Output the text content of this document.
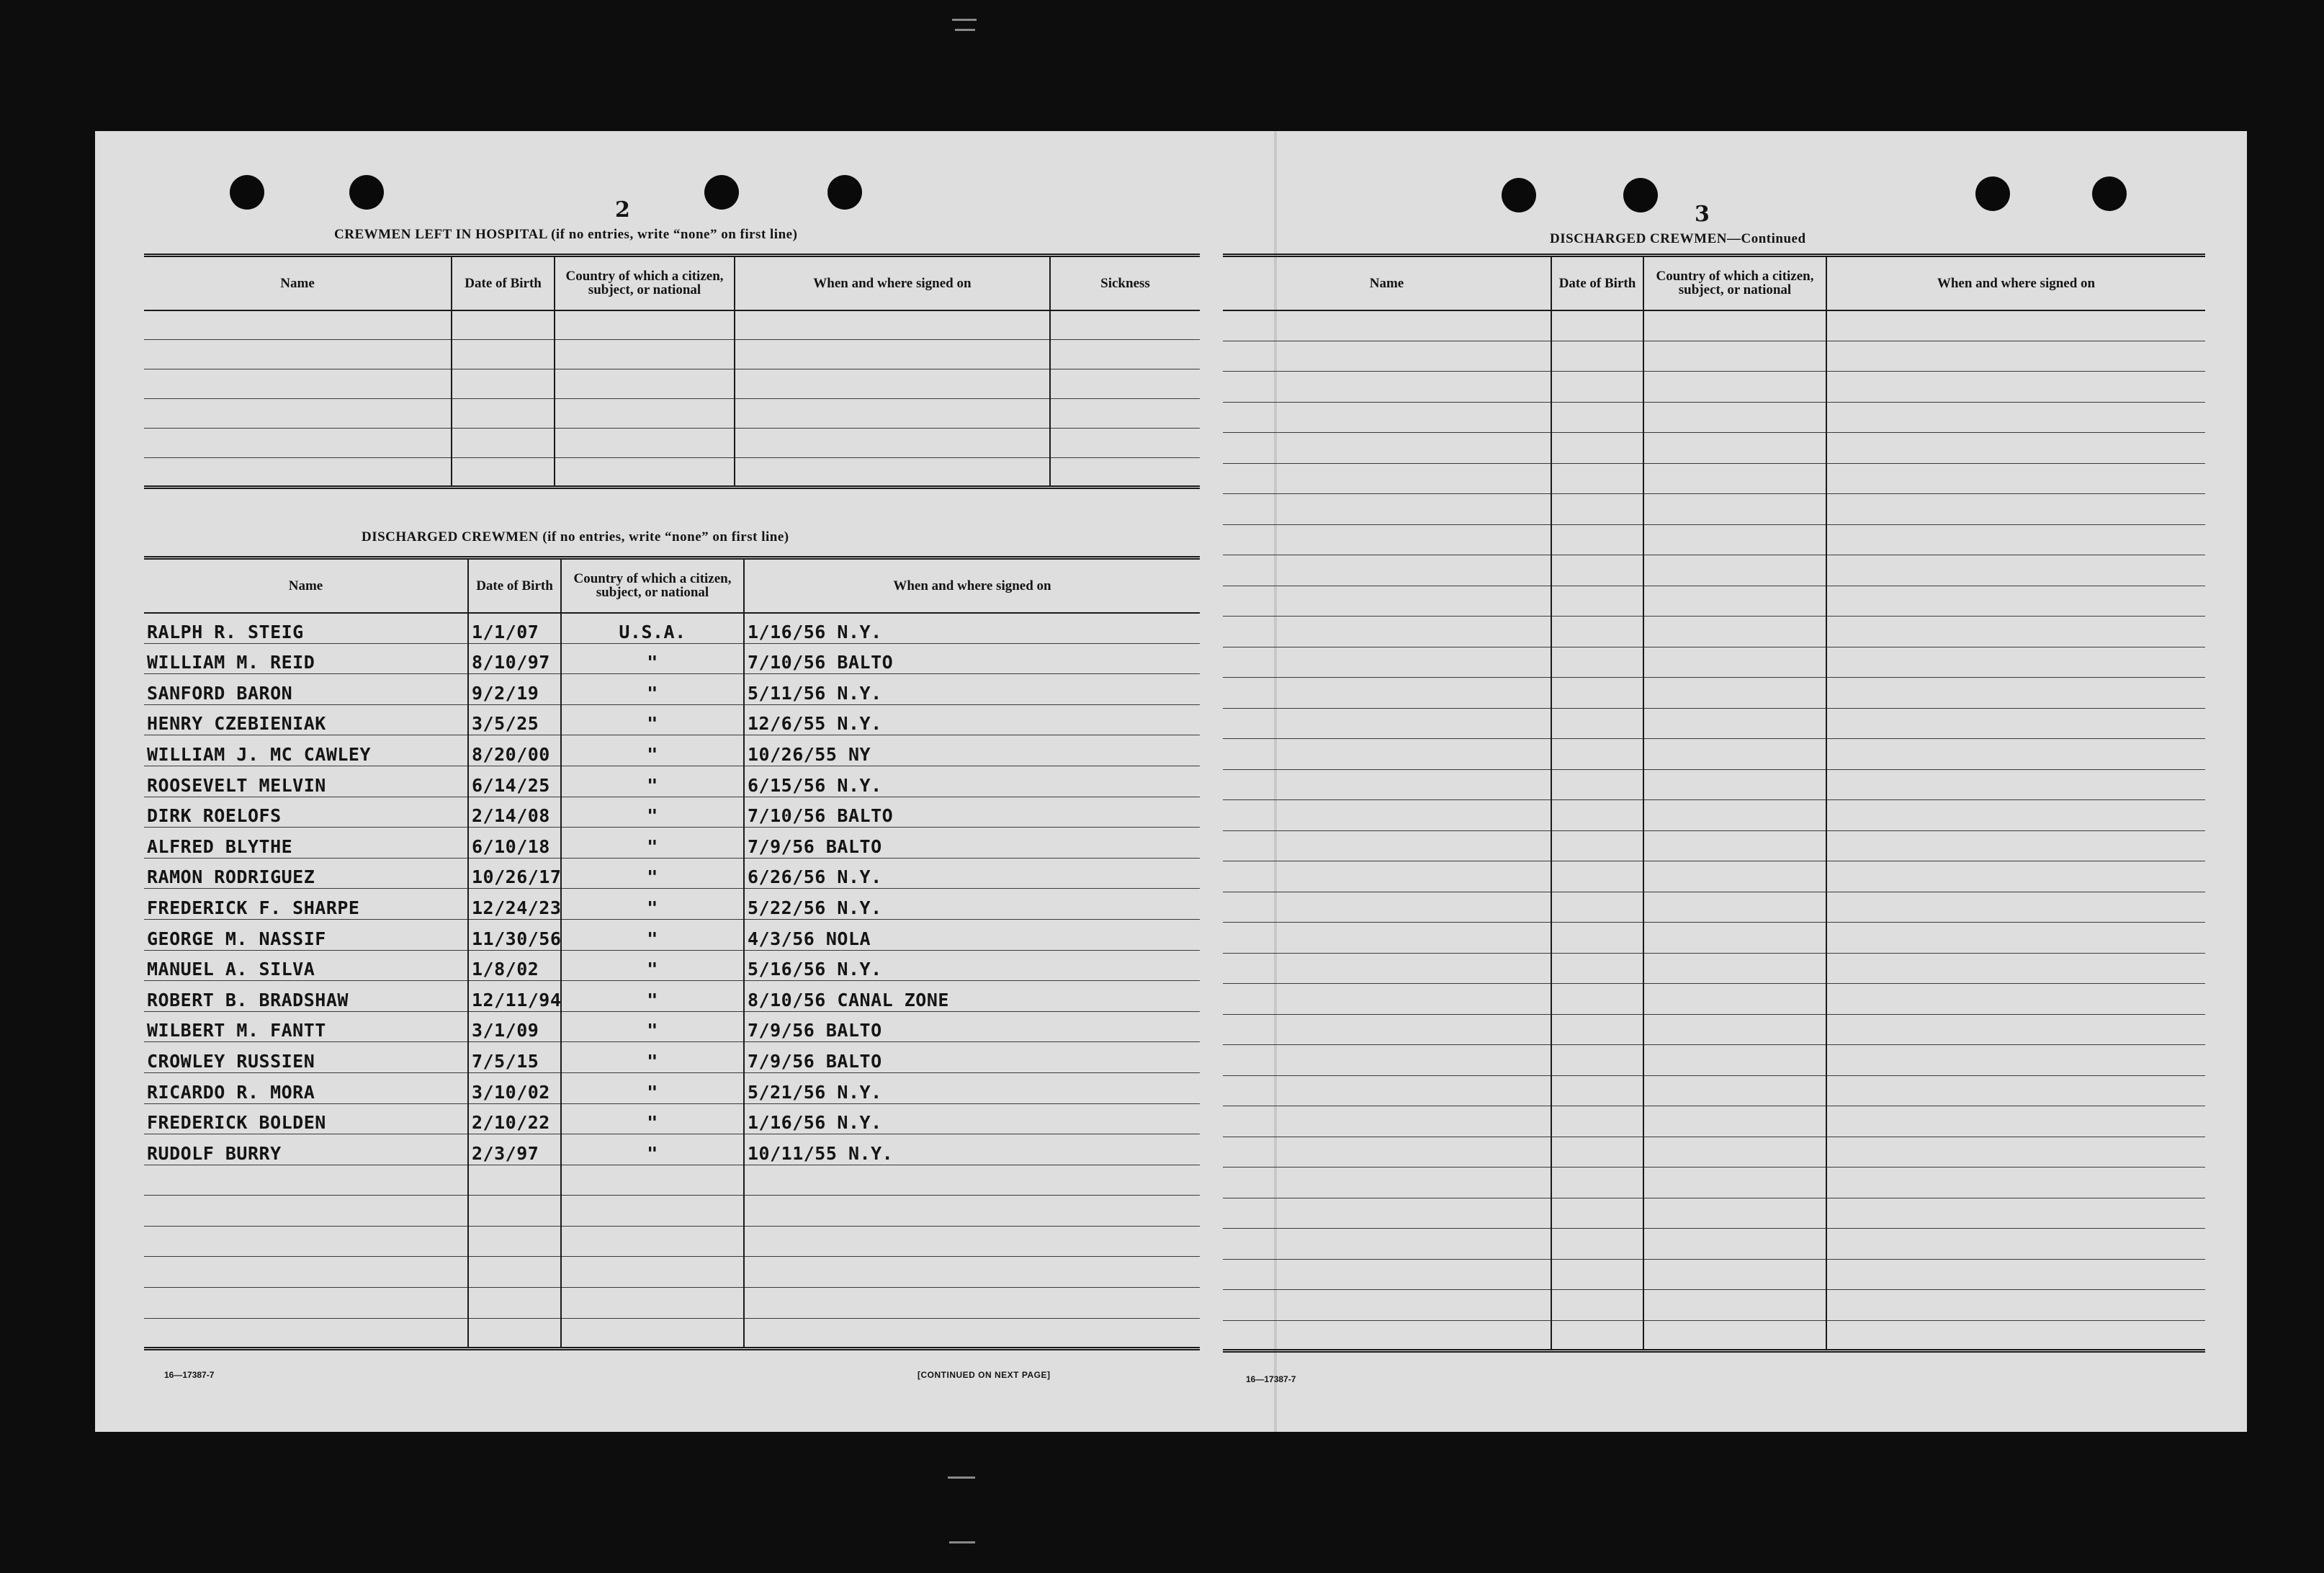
2
CREWMEN LEFT IN HOSPITAL (if no entries, write “none” on first line)
Name	Date of Birth	Country of which a citizen, subject, or national	When and where signed on	Sickness

DISCHARGED CREWMEN (if no entries, write “none” on first line)
Name	Date of Birth	Country of which a citizen, subject, or national	When and where signed on
RALPH R. STEIG	1/1/07	U.S.A.	1/16/56 N.Y.
WILLIAM M. REID	8/10/97	"	7/10/56 BALTO
SANFORD BARON	9/2/19	"	5/11/56 N.Y.
HENRY CZEBIENIAK	3/5/25	"	12/6/55 N.Y.
WILLIAM J. MC CAWLEY	8/20/00	"	10/26/55 NY
ROOSEVELT MELVIN	6/14/25	"	6/15/56 N.Y.
DIRK ROELOFS	2/14/08	"	7/10/56 BALTO
ALFRED BLYTHE	6/10/18	"	7/9/56 BALTO
RAMON RODRIGUEZ	10/26/17	"	6/26/56 N.Y.
FREDERICK F. SHARPE	12/24/23	"	5/22/56 N.Y.
GEORGE M. NASSIF	11/30/56	"	4/3/56 NOLA
MANUEL A. SILVA	1/8/02	"	5/16/56 N.Y.
ROBERT B. BRADSHAW	12/11/94	"	8/10/56 CANAL ZONE
WILBERT M. FANTT	3/1/09	"	7/9/56 BALTO
CROWLEY RUSSIEN	7/5/15	"	7/9/56 BALTO
RICARDO R. MORA	3/10/02	"	5/21/56 N.Y.
FREDERICK BOLDEN	2/10/22	"	1/16/56 N.Y.
RUDOLF BURRY	2/3/97	"	10/11/55 N.Y.

16—17387-7	[CONTINUED ON NEXT PAGE]
3
DISCHARGED CREWMEN—Continued
Name	Date of Birth	Country of which a citizen, subject, or national	When and where signed on

16—17387-7
